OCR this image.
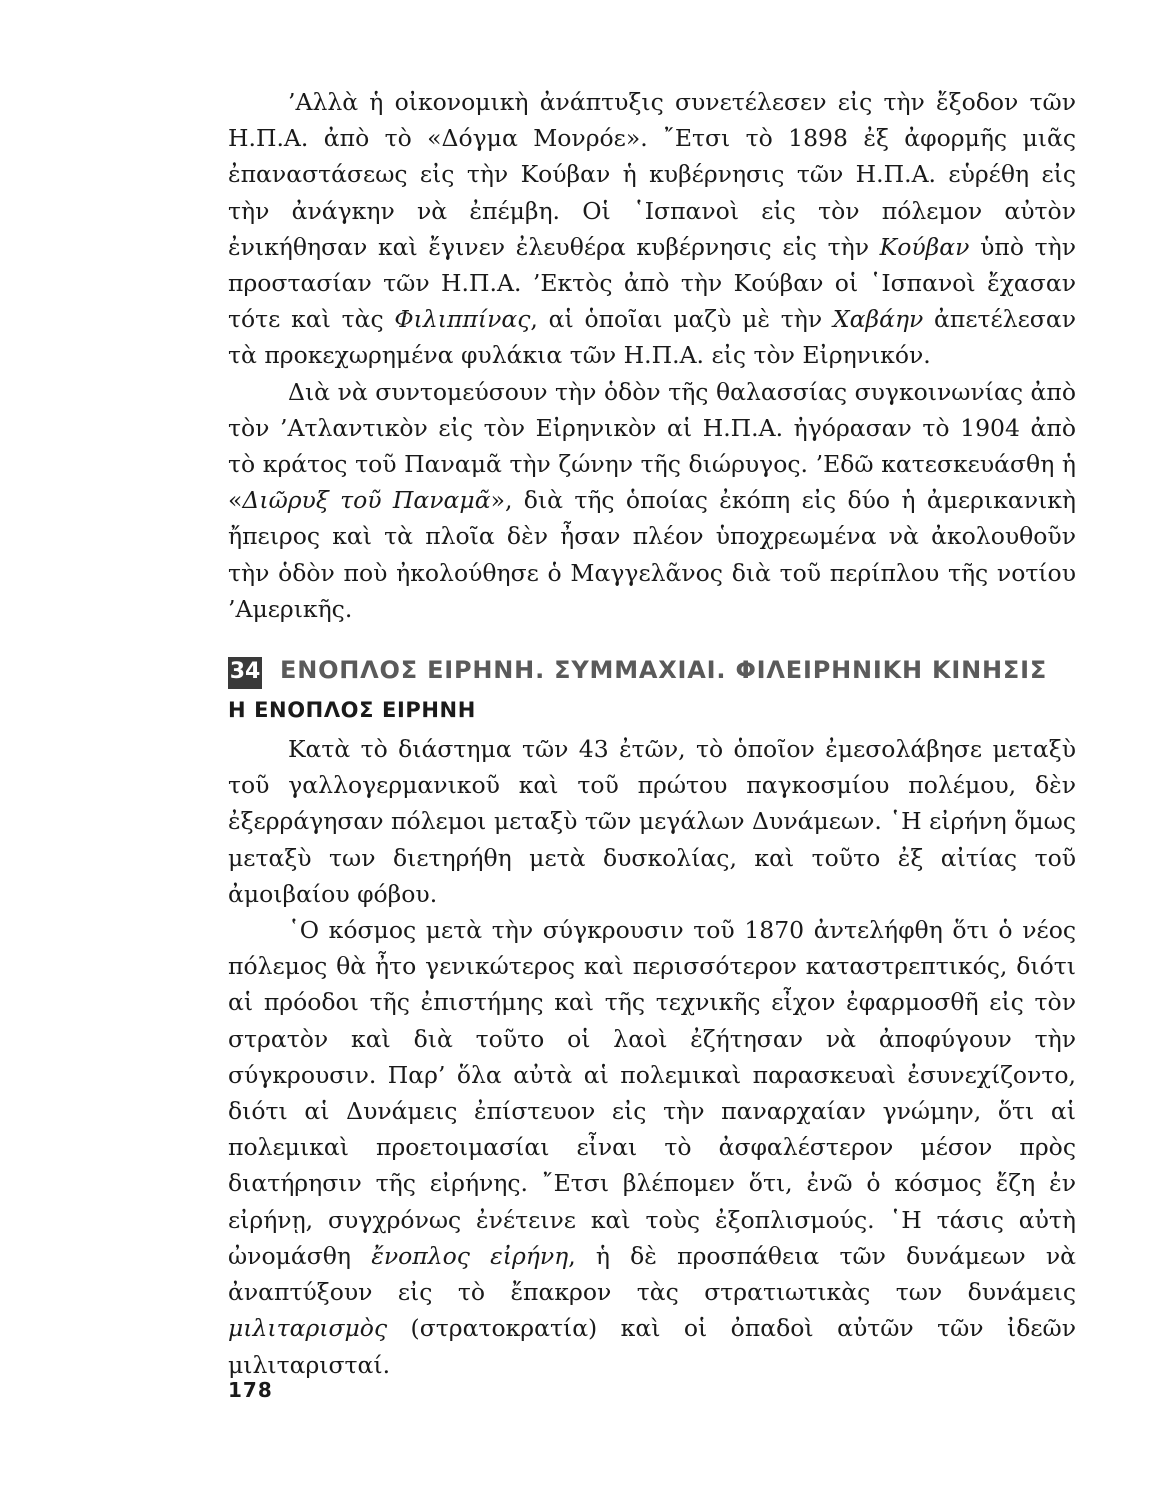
’Αλλὰ ἡ οἰκονομικὴ ἀνάπτυξις συνετέλεσεν εἰς τὴν ἔξοδον τῶν Η.Π.Α. ἀπὸ τὸ «Δόγμα Μονρόε». ῎Ετσι τὸ 1898 ἐξ ἀφορμῆς μιᾶς ἐπαναστάσεως εἰς τὴν Κούβαν ἡ κυβέρνησις τῶν Η.Π.Α. εὑρέθη εἰς τὴν ἀνάγκην νὰ ἐπέμβη. Οἱ ῾Ισπανοὶ εἰς τὸν πόλεμον αὐτὸν ἐνικήθησαν καὶ ἔγινεν ἐλευθέρα κυβέρνησις εἰς τὴν Κούβαν ὑπὸ τὴν προστασίαν τῶν Η.Π.Α. ’Εκτὸς ἀπὸ τὴν Κούβαν οἱ ῾Ισπανοὶ ἔχασαν τότε καὶ τὰς Φιλιππίνας, αἱ ὁποῖαι μαζὺ μὲ τὴν Χαβάην ἀπετέλεσαν τὰ προκεχωρημένα φυλάκια τῶν Η.Π.Α. εἰς τὸν Εἰρηνικόν.

Διὰ νὰ συντομεύσουν τὴν ὁδὸν τῆς θαλασσίας συγκοινωνίας ἀπὸ τὸν ’Ατλαντικὸν εἰς τὸν Εἰρηνικὸν αἱ Η.Π.Α. ἠγόρασαν τὸ 1904 ἀπὸ τὸ κράτος τοῦ Παναμᾶ τὴν ζώνην τῆς διώρυγος. ’Εδῶ κατεσκευάσθη ἡ «Διῶρυξ τοῦ Παναμᾶ», διὰ τῆς ὁποίας ἐκόπη εἰς δύο ἡ ἀμερικανικὴ ἤπειρος καὶ τὰ πλοῖα δὲν ἦσαν πλέον ὑποχρεωμένα νὰ ἀκολουθοῦν τὴν ὁδὸν ποὺ ἠκολούθησε ὁ Μαγγελᾶνος διὰ τοῦ περίπλου τῆς νοτίου ’Αμερικῆς.

34 ΕΝΟΠΛΟΣ ΕΙΡΗΝΗ. ΣΥΜΜΑΧΙΑΙ. ΦΙΛΕΙΡΗΝΙΚΗ ΚΙΝΗΣΙΣ
Η ΕΝΟΠΛΟΣ ΕΙΡΗΝΗ

Κατὰ τὸ διάστημα τῶν 43 ἐτῶν, τὸ ὁποῖον ἐμεσολάβησε μεταξὺ τοῦ γαλλογερμανικοῦ καὶ τοῦ πρώτου παγκοσμίου πολέμου, δὲν ἐξερράγησαν πόλεμοι μεταξὺ τῶν μεγάλων Δυνάμεων. ῾Η εἰρήνη ὅμως μεταξὺ των διετηρήθη μετὰ δυσκολίας, καὶ τοῦτο ἐξ αἰτίας τοῦ ἀμοιβαίου φόβου.

῾Ο κόσμος μετὰ τὴν σύγκρουσιν τοῦ 1870 ἀντελήφθη ὅτι ὁ νέος πόλεμος θὰ ἦτο γενικώτερος καὶ περισσότερον καταστρεπτικός, διότι αἱ πρόοδοι τῆς ἐπιστήμης καὶ τῆς τεχνικῆς εἶχον ἐφαρμοσθῆ εἰς τὸν στρατὸν καὶ διὰ τοῦτο οἱ λαοὶ ἐζήτησαν νὰ ἀποφύγουν τὴν σύγκρουσιν. Παρ’ ὅλα αὐτὰ αἱ πολεμικαὶ παρασκευαὶ ἐσυνεχίζοντο, διότι αἱ Δυνάμεις ἐπίστευον εἰς τὴν παναρχαίαν γνώμην, ὅτι αἱ πολεμικαὶ προετοιμασίαι εἶναι τὸ ἀσφαλέστερον μέσον πρὸς διατήρησιν τῆς εἰρήνης. ῎Ετσι βλέπομεν ὅτι, ἐνῶ ὁ κόσμος ἔζη ἐν εἰρήνῃ, συγχρόνως ἐνέτεινε καὶ τοὺς ἐξοπλισμούς. ῾Η τάσις αὐτὴ ὠνομάσθη ἔνοπλος εἰρήνη, ἡ δὲ προσπάθεια τῶν δυνάμεων νὰ ἀναπτύξουν εἰς τὸ ἔπακρον τὰς στρατιωτικὰς των δυνάμεις μιλιταρισμὸς (στρατοκρατία) καὶ οἱ ὀπαδοὶ αὐτῶν τῶν ἰδεῶν μιλιταρισταί.

178
